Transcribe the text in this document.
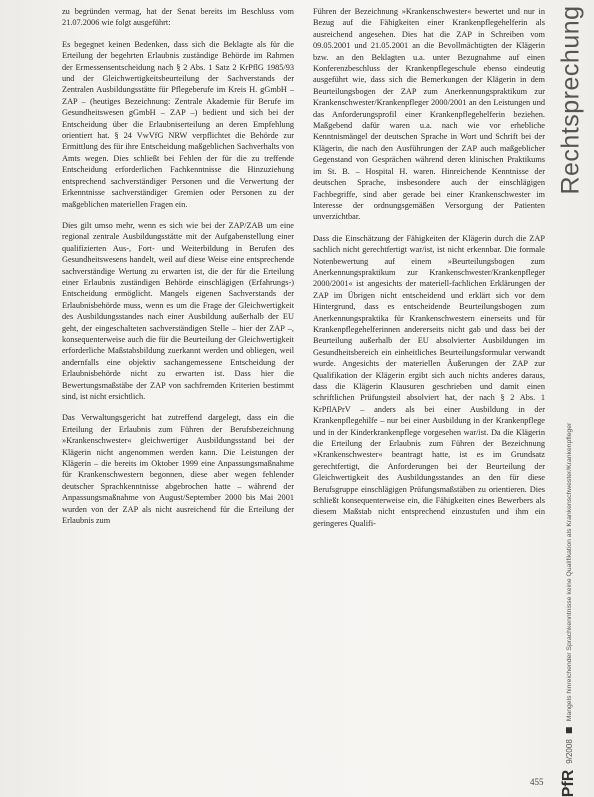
zu begründen vermag, hat der Senat bereits im Beschluss vom 21.07.2006 wie folgt ausgeführt:

Es begegnet keinen Bedenken, dass sich die Beklagte als für die Erteilung der begehrten Erlaubnis zuständige Behörde im Rahmen der Ermessensentscheidung nach § 2 Abs. 1 Satz 2 KrPflG 1985/93 und der Gleichwertigkeitsbeurteilung der Sachverstands der Zentralen Ausbildungsstätte für Pflegeberufe im Kreis H. gGmbH – ZAP – (heutiges Bezeichnung: Zentrale Akademie für Berufe im Gesundheitswesen gGmbH – ZAP –) bedient und sich bei der Entscheidung über die Erlaubniserteilung an deren Empfehlung orientiert hat. § 24 VwVfG NRW verpflichtet die Behörde zur Ermittlung des für ihre Entscheidung maßgeblichen Sachverhalts von Amts wegen. Dies schließt bei Fehlen der für die zu treffende Entscheidung erforderlichen Fachkenntnisse die Hinzuziehung entsprechend sachverständiger Personen und die Verwertung der Erkenntnisse sachverständiger Gremien oder Personen zu der maßgeblichen materiellen Fragen ein.

Dies gilt umso mehr, wenn es sich wie bei der ZAP/ZAB um eine regional zentrale Ausbildungsstätte mit der Aufgabenstellung einer qualifizierten Aus-, Fort- und Weiterbildung in Berufen des Gesundheitswesens handelt, weil auf diese Weise eine entsprechende sachverständige Wertung zu erwarten ist, die der für die Erteilung einer Erlaubnis zuständigen Behörde einschlägigen (Erfahrungs-) Entscheidung ermöglicht. Mangels eigenen Sachverstands der Erlaubnisbehörde muss, wenn es um die Frage der Gleichwertigkeit des Ausbildungsstandes nach einer Ausbildung außerhalb der EU geht, der eingeschalteten sachverständigen Stelle – hier der ZAP –, konsequenterweise auch die für die Beurteilung der Gleichwertigkeit erforderliche Maßstabsbildung zuerkannt werden und obliegen, weil andernfalls eine objektiv sachangemessene Entscheidung der Erlaubnisbehörde nicht zu erwarten ist. Dass hier die Bewertungsmaßstäbe der ZAP von sachfremden Kriterien bestimmt sind, ist nicht ersichtlich.

Das Verwaltungsgericht hat zutreffend dargelegt, dass ein die Erteilung der Erlaubnis zum Führen der Berufsbezeichnung »Krankenschwester« gleichwertiger Ausbildungsstand bei der Klägerin nicht angenommen werden kann. Die Leistungen der Klägerin – die bereits im Oktober 1999 eine Anpassungsmaßnahme für Krankenschwestern begonnen, diese aber wegen fehlender deutscher Sprachkenntnisse abgebrochen hatte – während der Anpassungsmaßnahme von August/September 2000 bis Mai 2001 wurden von der ZAP als nicht ausreichend für die Erteilung der Erlaubnis zum

Führen der Bezeichnung »Krankenschwester« bewertet und nur in Bezug auf die Fähigkeiten einer Krankenpflegehelferin als ausreichend angesehen. Dies hat die ZAP in Schreiben vom 09.05.2001 und 21.05.2001 an die Bevollmächtigten der Klägerin bzw. an den Beklagten u.a. unter Bezugnahme auf einen Konferenzbeschluss der Krankenpflegeschule ebenso eindeutig ausgeführt wie, dass sich die Bemerkungen der Klägerin in dem Beurteilungsbogen der ZAP zum Anerkennungspraktikum zur Krankenschwester/Krankenpfleger 2000/2001 an den Leistungen und das Anforderungsprofil einer Krankenpflegehelferin beziehen. Maßgebend dafür waren u.a. nach wie vor erhebliche Kenntnismängel der deutschen Sprache in Wort und Schrift bei der Klägerin, die nach den Ausführungen der ZAP auch maßgeblicher Gegenstand von Gesprächen während deren klinischen Praktikums im St. B. – Hospital H. waren. Hinreichende Kenntnisse der deutschen Sprache, insbesondere auch der einschlägigen Fachbegriffe, sind aber gerade bei einer Krankenschwester im Interesse der ordnungsgemäßen Versorgung der Patienten unverzichtbar.

Dass die Einschätzung der Fähigkeiten der Klägerin durch die ZAP sachlich nicht gerechtfertigt war/ist, ist nicht erkennbar. Die formale Notenbewertung auf einem »Beurteilungsbogen zum Anerkennungspraktikum zur Krankenschwester/Krankenpfleger 2000/2001« ist angesichts der materiell-fachlichen Erklärungen der ZAP im Übrigen nicht entscheidend und erklärt sich vor dem Hintergrund, dass es entscheidende Beurteilungsbogen zum Anerkennungspraktika für Krankenschwestern einerseits und für Krankenpflegehelferinnen andererseits nicht gab und dass bei der Beurteilung außerhalb der EU absolvierter Ausbildungen im Gesundheitsbereich ein einheitliches Beurteilungsformular verwandt wurde. Angesichts der materiellen Äußerungen der ZAP zur Qualifikation der Klägerin ergibt sich auch nichts anderes daraus, dass die Klägerin Klausuren geschrieben und damit einen schriftlichen Prüfungsteil absolviert hat, der nach § 2 Abs. 1 KrPflAPrV – anders als bei einer Ausbildung in der Krankenpflegehilfe – nur bei einer Ausbildung in der Krankenpflege und in der Kinderkrankenpflege vorgesehen war/ist. Da die Klägerin die Erteilung der Erlaubnis zum Führen der Bezeichnung »Krankenschwester« beantragt hatte, ist es im Grundsatz gerechtfertigt, die Anforderungen bei der Beurteilung der Gleichwertigkeit des Ausbildungsstandes an den für diese Berufsgruppe einschlägigen Prüfungsmaßstäben zu orientieren. Dies schließt konsequenterweise ein, die Fähigkeiten eines Bewerbers als diesem Maßstab nicht entsprechend einzustufen und ihm ein geringeres Qualifi-

Rechtsprechung
PfR
9/2008
Mangels hinreichender Sprachkenntnisse keine Qualifikation als Krankenschwester/Krankenpfleger
455
